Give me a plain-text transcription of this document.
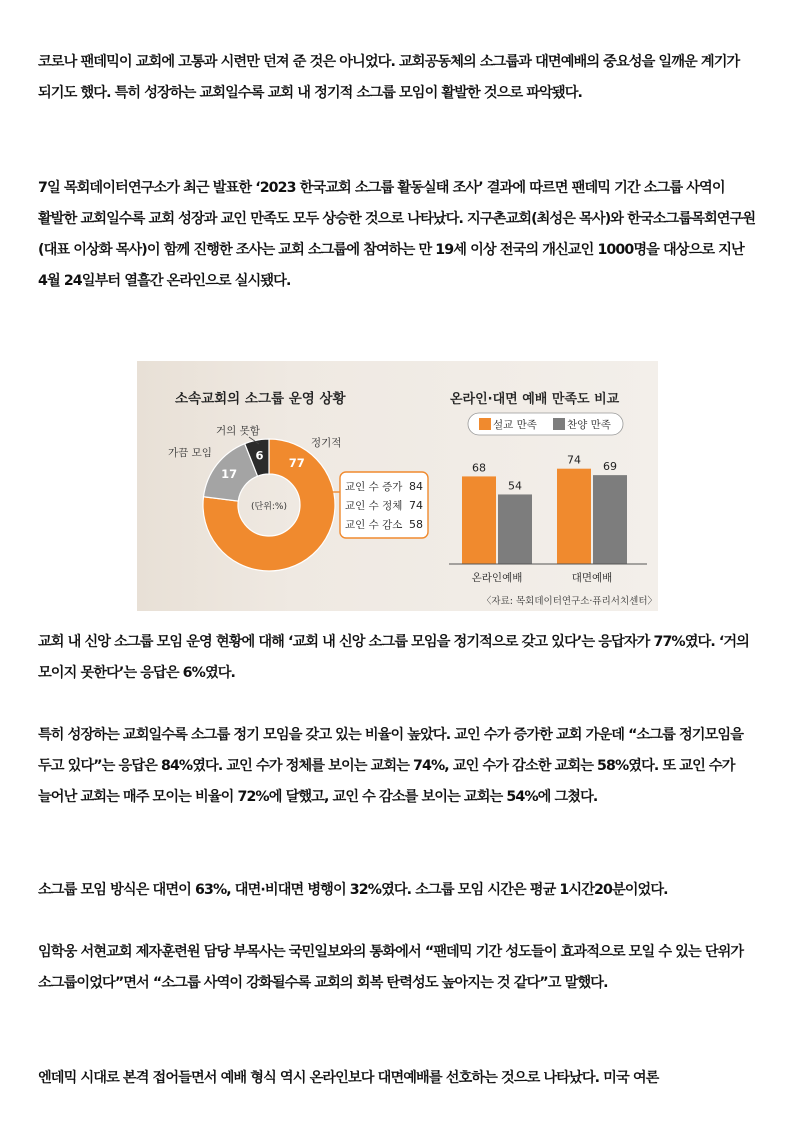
코로나 팬데믹이 교회에 고통과 시련만 던져 준 것은 아니었다. 교회공동체의 소그룹과 대면예배의 중요성을 일깨운 계기가 되기도 했다. 특히 성장하는 교회일수록 교회 내 정기적 소그룹 모임이 활발한 것으로 파악됐다.
7일 목회데이터연구소가 최근 발표한 ‘2023 한국교회 소그룹 활동실태 조사’ 결과에 따르면 팬데믹 기간 소그룹 사역이 활발한 교회일수록 교회 성장과 교인 만족도 모두 상승한 것으로 나타났다. 지구촌교회(최성은 목사)와 한국소그룹목회연구원(대표 이상화 목사)이 함께 진행한 조사는 교회 소그룹에 참여하는 만 19세 이상 전국의 개신교인 1000명을 대상으로 지난 4월 24일부터 열흘간 온라인으로 실시됐다.
소속교회의 소그룹 운영 상황
77
17
6
(단위:%)
정기적
가끔 모임
거의 못함
교인 수 증가 84
교인 수 정체 74
교인 수 감소 58
온라인·대면 예배 만족도 비교
설교 만족	찬양 만족
68
54
온라인예배
74 69
대면예배
〈자료: 목회데이터연구소·퓨리서치센터〉
교회 내 신앙 소그룹 모임 운영 현황에 대해 ‘교회 내 신앙 소그룹 모임을 정기적으로 갖고 있다’는 응답자가 77%였다. ‘거의 모이지 못한다’는 응답은 6%였다.
특히 성장하는 교회일수록 소그룹 정기 모임을 갖고 있는 비율이 높았다. 교인 수가 증가한 교회 가운데 “소그룹 정기모임을 두고 있다”는 응답은 84%였다. 교인 수가 정체를 보이는 교회는 74%, 교인 수가 감소한 교회는 58%였다. 또 교인 수가 늘어난 교회는 매주 모이는 비율이 72%에 달했고, 교인 수 감소를 보이는 교회는 54%에 그쳤다.
소그룹 모임 방식은 대면이 63%, 대면·비대면 병행이 32%였다. 소그룹 모임 시간은 평균 1시간20분이었다.
임학웅 서현교회 제자훈련원 담당 부목사는 국민일보와의 통화에서 “팬데믹 기간 성도들이 효과적으로 모일 수 있는 단위가 소그룹이었다”면서 “소그룹 사역이 강화될수록 교회의 회복 탄력성도 높아지는 것 같다”고 말했다.
엔데믹 시대로 본격 접어들면서 예배 형식 역시 온라인보다 대면예배를 선호하는 것으로 나타났다. 미국 여론
